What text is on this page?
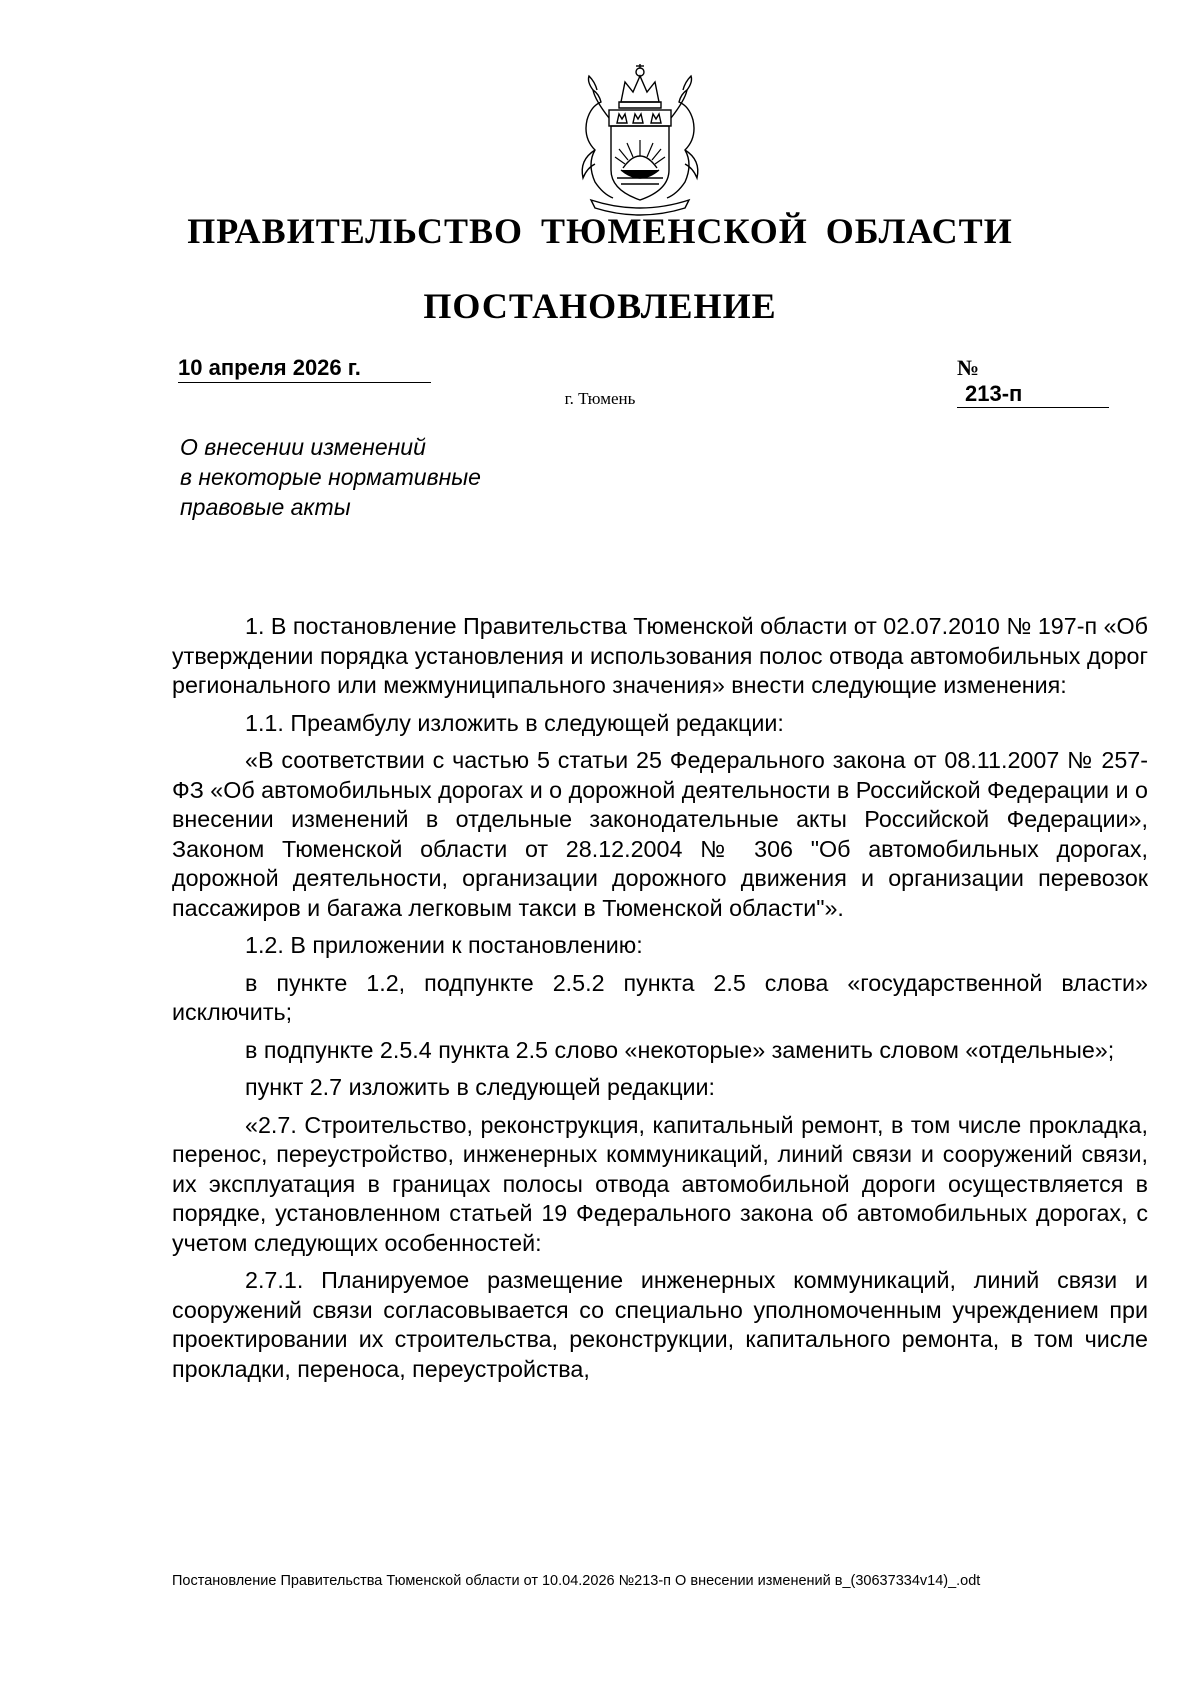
ПРАВИТЕЛЬСТВО ТЮМЕНСКОЙ ОБЛАСТИ
ПОСТАНОВЛЕНИЕ
10 апреля 2026 г.	№ 213-п
г. Тюмень
О внесении изменений
в некоторые нормативные
правовые акты

1. В постановление Правительства Тюменской области от 02.07.2010 № 197-п «Об утверждении порядка установления и использования полос отвода автомобильных дорог регионального или межмуниципального значения» внести следующие изменения:

1.1. Преамбулу изложить в следующей редакции:

«В соответствии с частью 5 статьи 25 Федерального закона от 08.11.2007 № 257-ФЗ «Об автомобильных дорогах и о дорожной деятельности в Российской Федерации и о внесении изменений в отдельные законодательные акты Российской Федерации», Законом Тюменской области от 28.12.2004 № 306 "Об автомобильных дорогах, дорожной деятельности, организации дорожного движения и организации перевозок пассажиров и багажа легковым такси в Тюменской области"».

1.2. В приложении к постановлению:

в пункте 1.2, подпункте 2.5.2 пункта 2.5 слова «государственной власти» исключить;

в подпункте 2.5.4 пункта 2.5 слово «некоторые» заменить словом «отдельные»;

пункт 2.7 изложить в следующей редакции:

«2.7. Строительство, реконструкция, капитальный ремонт, в том числе прокладка, перенос, переустройство, инженерных коммуникаций, линий связи и сооружений связи, их эксплуатация в границах полосы отвода автомобильной дороги осуществляется в порядке, установленном статьей 19 Федерального закона об автомобильных дорогах, с учетом следующих особенностей:

2.7.1. Планируемое размещение инженерных коммуникаций, линий связи и сооружений связи согласовывается со специально уполномоченным учреждением при проектировании их строительства, реконструкции, капитального ремонта, в том числе прокладки, переноса, переустройства,

Постановление Правительства Тюменской области от 10.04.2026 №213-п О внесении изменений в_(30637334v14)_.odt
